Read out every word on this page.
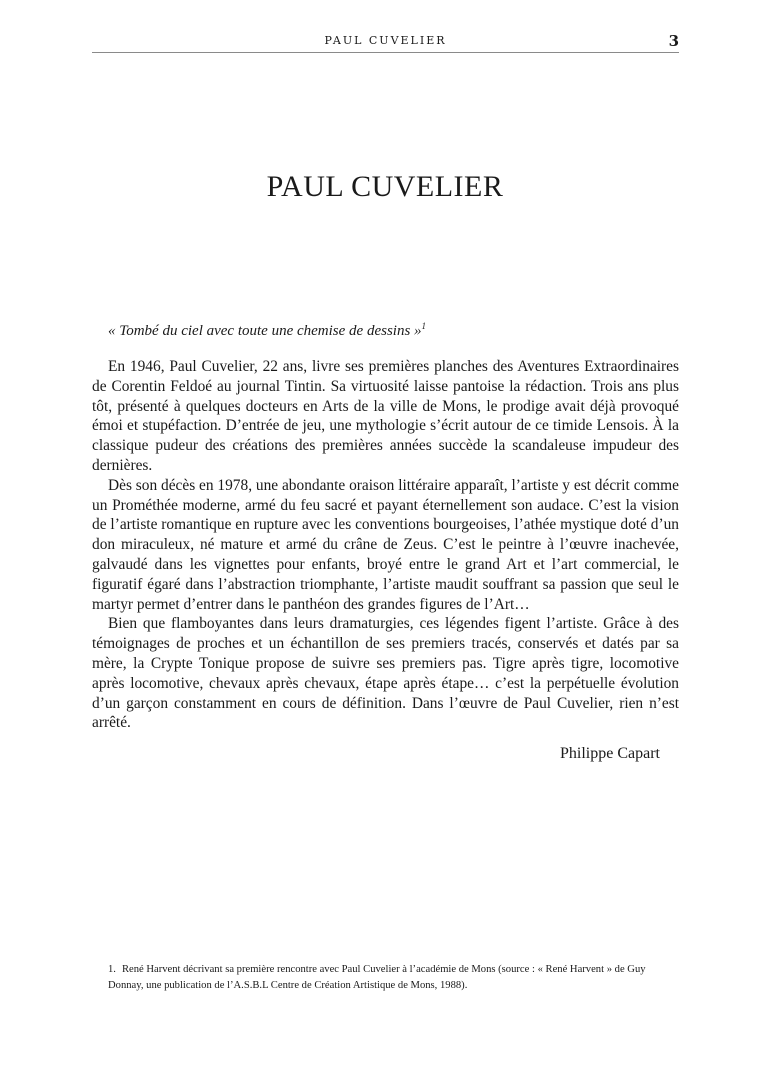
PAUL CUVELIER	3
PAUL CUVELIER
« Tombé du ciel avec toute une chemise de dessins »$^1$

En 1946, Paul Cuvelier, 22 ans, livre ses premières planches des Aventures Extraordinaires de Corentin Feldoé au journal Tintin. Sa virtuosité laisse pantoise la rédaction. Trois ans plus tôt, présenté à quelques docteurs en Arts de la ville de Mons, le prodige avait déjà provoqué émoi et stupéfaction. D’entrée de jeu, une mythologie s’écrit autour de ce timide Lensois. À la classique pudeur des créations des premières années succède la scandaleuse impudeur des dernières.

Dès son décès en 1978, une abondante oraison littéraire apparaît, l’artiste y est décrit comme un Prométhée moderne, armé du feu sacré et payant éternellement son audace. C’est la vision de l’artiste romantique en rupture avec les conventions bourgeoises, l’athée mystique doté d’un don miraculeux, né mature et armé du crâne de Zeus. C’est le peintre à l’œuvre inachevée, galvaudé dans les vignettes pour enfants, broyé entre le grand Art et l’art commercial, le figuratif égaré dans l’abstraction triomphante, l’artiste maudit souffrant sa passion que seul le martyr permet d’entrer dans le panthéon des grandes figures de l’Art…

Bien que flamboyantes dans leurs dramaturgies, ces légendes figent l’artiste. Grâce à des témoignages de proches et un échantillon de ses premiers tracés, conservés et datés par sa mère, la Crypte Tonique propose de suivre ses premiers pas. Tigre après tigre, locomotive après locomotive, chevaux après chevaux, étape après étape… c’est la perpétuelle évolution d’un garçon constamment en cours de définition. Dans l’œuvre de Paul Cuvelier, rien n’est arrêté.

Philippe Capart
1. René Harvent décrivant sa première rencontre avec Paul Cuvelier à l’académie de Mons (source : « René Harvent » de Guy Donnay, une publication de l’A.S.B.L Centre de Création Artistique de Mons, 1988).
